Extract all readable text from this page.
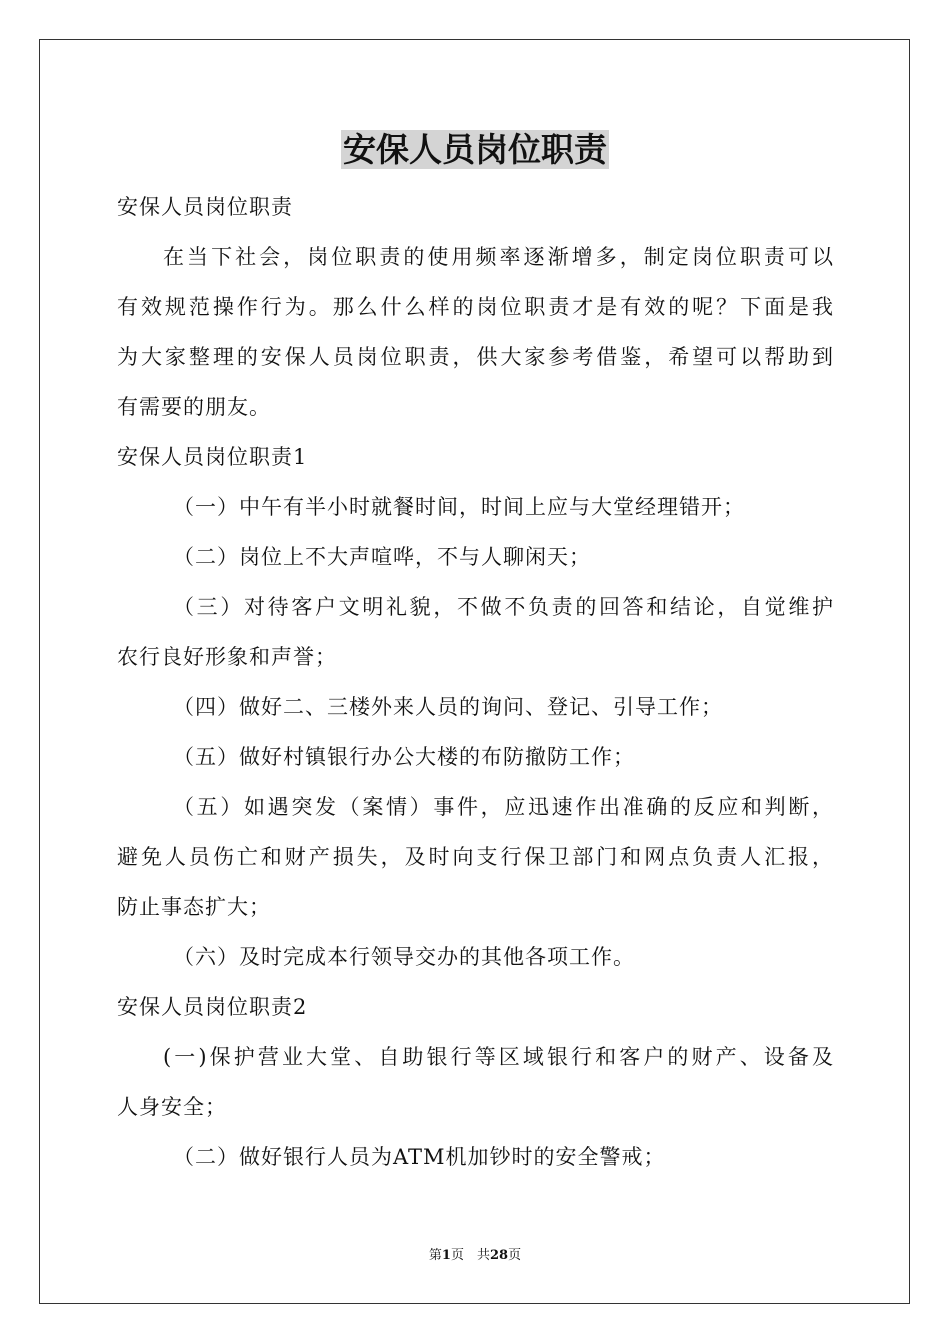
安保人员岗位职责
安保人员岗位职责
在当下社会，岗位职责的使用频率逐渐增多，制定岗位职责可以
有效规范操作行为。那么什么样的岗位职责才是有效的呢？下面是我
为大家整理的安保人员岗位职责，供大家参考借鉴，希望可以帮助到
有需要的朋友。
安保人员岗位职责1
（一）中午有半小时就餐时间，时间上应与大堂经理错开；
（二）岗位上不大声喧哗，不与人聊闲天；
（三）对待客户文明礼貌，不做不负责的回答和结论，自觉维护
农行良好形象和声誉；
（四）做好二、三楼外来人员的询问、登记、引导工作；
（五）做好村镇银行办公大楼的布防撤防工作；
（五）如遇突发（案情）事件，应迅速作出准确的反应和判断，
避免人员伤亡和财产损失，及时向支行保卫部门和网点负责人汇报，
防止事态扩大；
（六）及时完成本行领导交办的其他各项工作。
安保人员岗位职责2
(一)保护营业大堂、自助银行等区域银行和客户的财产、设备及
人身安全；
（二）做好银行人员为ATM机加钞时的安全警戒；
第1页　共28页
